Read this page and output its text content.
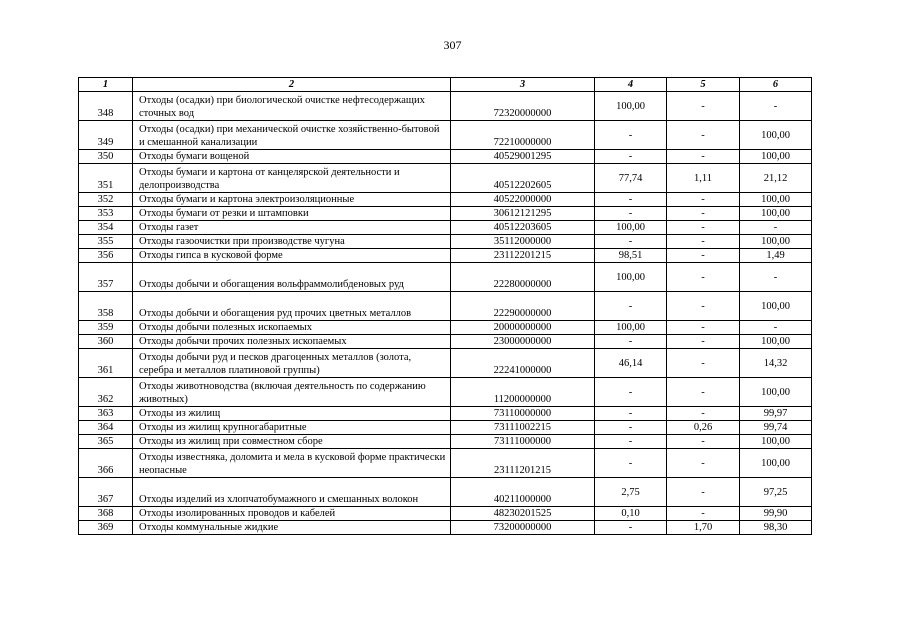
307
1	2	3	4	5	6
348	Отходы (осадки) при биологической очистке нефтесодержащих сточных вод	72320000000	100,00	-	-
349	Отходы (осадки) при механической очистке хозяйственно-бытовой и смешанной канализации	72210000000	-	-	100,00
350	Отходы бумаги вощеной	40529001295	-	-	100,00
351	Отходы бумаги и картона от канцелярской деятельности и делопроизводства	40512202605	77,74	1,11	21,12
352	Отходы бумаги и картона электроизоляционные	40522000000	-	-	100,00
353	Отходы бумаги от резки и штамповки	30612121295	-	-	100,00
354	Отходы газет	40512203605	100,00	-	-
355	Отходы газоочистки при производстве чугуна	35112000000	-	-	100,00
356	Отходы гипса в кусковой форме	23112201215	98,51	-	1,49
357	Отходы добычи и обогащения вольфраммолибденовых руд	22280000000	100,00	-	-
358	Отходы добычи и обогащения руд прочих цветных металлов	22290000000	-	-	100,00
359	Отходы добычи полезных ископаемых	20000000000	100,00	-	-
360	Отходы добычи прочих полезных ископаемых	23000000000	-	-	100,00
361	Отходы добычи руд и песков драгоценных металлов (золота, серебра и металлов платиновой группы)	22241000000	46,14	-	14,32
362	Отходы животноводства (включая деятельность по содержанию животных)	11200000000	-	-	100,00
363	Отходы из жилищ	73110000000	-	-	99,97
364	Отходы из жилищ крупногабаритные	73111002215	-	0,26	99,74
365	Отходы из жилищ при совместном сборе	73111000000	-	-	100,00
366	Отходы известняка, доломита и мела в кусковой форме практически неопасные	23111201215	-	-	100,00
367	Отходы изделий из хлопчатобумажного и смешанных волокон	40211000000	2,75	-	97,25
368	Отходы изолированных проводов и кабелей	48230201525	0,10	-	99,90
369	Отходы коммунальные жидкие	73200000000	-	1,70	98,30
